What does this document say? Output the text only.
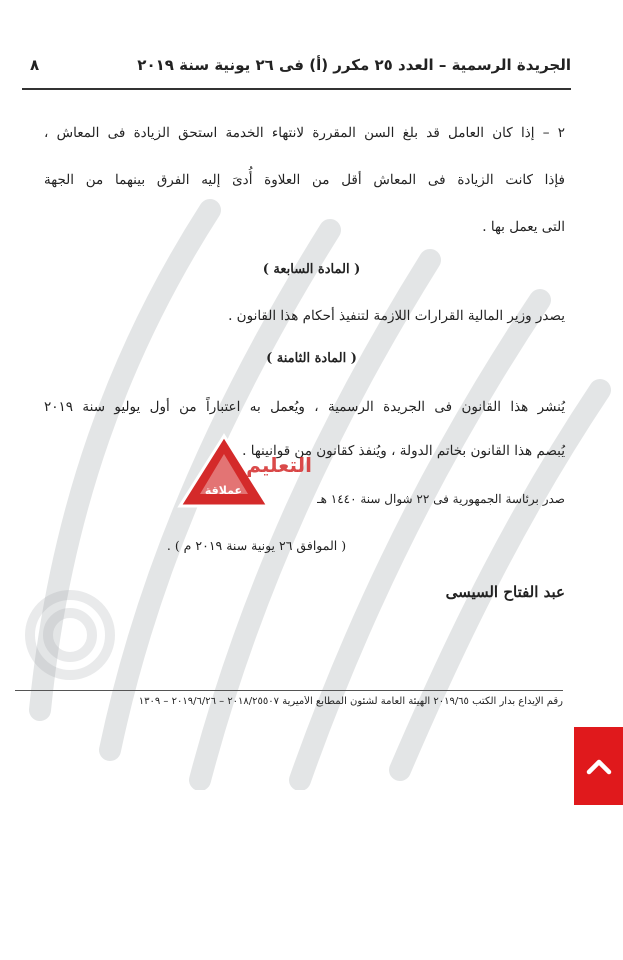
الجريدة الرسمية – العدد ٢٥ مكرر (أ) فى ٢٦ يونية سنة ٢٠١٩
٨
٢ – إذا كان العامل قد بلغ السن المقررة لانتهاء الخدمة استحق الزيادة فى المعاش ،
فإذا كانت الزيادة فى المعاش أقل من العلاوة أُدىَ إليه الفرق بينهما من الجهة
التى يعمل بها .
( المادة السابعة )
يصدر وزير المالية القرارات اللازمة لتنفيذ أحكام هذا القانون .
( المادة الثامنة )
يُنشر هذا القانون فى الجريدة الرسمية ، ويُعمل به اعتباراً من أول يوليو سنة ٢٠١٩
يُبصم هذا القانون بخاتم الدولة ، ويُنفذ كقانون من قوانينها .
صدر برئاسة الجمهورية فى ٢٢ شوال سنة ١٤٤٠ هـ
( الموافق ٢٦ يونية سنة ٢٠١٩ م ) .
عبد الفتاح السيسى
رقم الإيداع بدار الكتب ٢٠١٩/٦٥ الهيئة العامة لشئون المطابع الأميرية ٢٠١٨/٢٥٥٠٧ – ٢٠١٩/٦/٢٦ – ١٣٠٩
التعليم
عملاقة
